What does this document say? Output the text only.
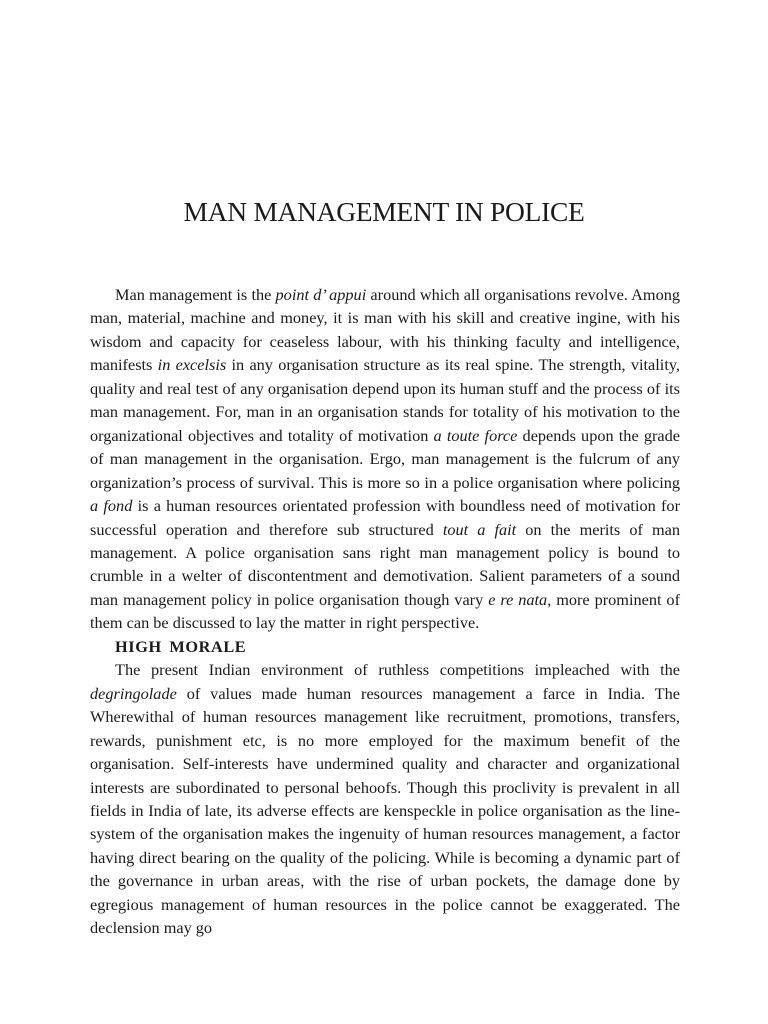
MAN MANAGEMENT IN POLICE

Man management is the point d’ appui around which all organisations revolve. Among man, material, machine and money, it is man with his skill and creative ingine, with his wisdom and capacity for ceaseless labour, with his thinking faculty and intelligence, manifests in excelsis in any organisation structure as its real spine. The strength, vitality, quality and real test of any organisation depend upon its human stuff and the process of its man management. For, man in an organisation stands for totality of his motivation to the organizational objectives and totality of motivation a toute force depends upon the grade of man management in the organisation. Ergo, man management is the fulcrum of any organization’s process of survival. This is more so in a police organisation where policing a fond is a human resources orientated profession with boundless need of motivation for successful operation and therefore sub structured tout a fait on the merits of man management. A police organisation sans right man management policy is bound to crumble in a welter of discontentment and demotivation. Salient parameters of a sound man management policy in police organisation though vary e re nata, more prominent of them can be discussed to lay the matter in right perspective.

HIGH MORALE

The present Indian environment of ruthless competitions impleached with the degringolade of values made human resources management a farce in India. The Wherewithal of human resources management like recruitment, promotions, transfers, rewards, punishment etc, is no more employed for the maximum benefit of the organisation. Self-interests have undermined quality and character and organizational interests are subordinated to personal behoofs. Though this proclivity is prevalent in all fields in India of late, its adverse effects are kenspeckle in police organisation as the line-system of the organisation makes the ingenuity of human resources management, a factor having direct bearing on the quality of the policing. While is becoming a dynamic part of the governance in urban areas, with the rise of urban pockets, the damage done by egregious management of human resources in the police cannot be exaggerated. The declension may go
